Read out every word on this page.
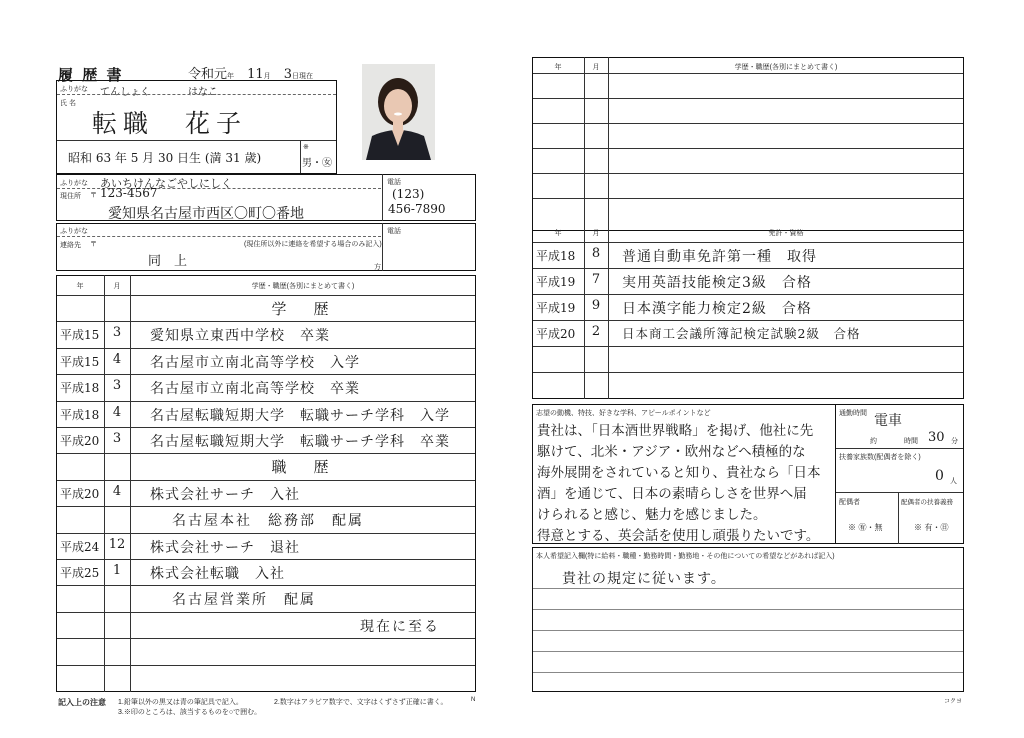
履 歴 書	令和元年 11月 3日現在
ふりがな てんしょく	はなこ
氏 名
転職　花子
昭和 63 年 5 月 30 日生 (満 31 歳)
※
男・㊛
ふりがな あいちけんなごやしにしく
現住所 〒 123-4567
愛知県名古屋市西区〇町〇番地
電話
(123)
456-7890
ふりがな
連絡先 〒	(現住所以外に連絡を希望する場合のみ記入)
同　上	方
電話
年	月	学歴・職歴(各別にまとめて書く)
学　歴
平成15	3	愛知県立東西中学校　卒業
平成15	4	名古屋市立南北高等学校　入学
平成18	3	名古屋市立南北高等学校　卒業
平成18	4	名古屋転職短期大学　転職サーチ学科　入学
平成20	3	名古屋転職短期大学　転職サーチ学科　卒業
職　歴
平成20	4	株式会社サーチ　入社
名古屋本社　総務部　配属
平成24 12	株式会社サーチ　退社
平成25	1	株式会社転職　入社
名古屋営業所　配属
現在に至る
記入上の注意 1.鉛筆以外の黒又は青の筆記具で記入。	2.数字はアラビア数字で、文字はくずさず正確に書く。
3.※印のところは、該当するものを○で囲む。
N
年	月	学歴・職歴(各別にまとめて書く)
年	月	免許・資格
平成18	8	普通自動車免許第一種　取得
平成19	7	実用英語技能検定3級　合格
平成19	9	日本漢字能力検定2級　合格
平成20	2	日本商工会議所簿記検定試験2級　合格
志望の動機、特技、好きな学科、アピールポイントなど
貴社は、「日本酒世界戦略」を掲げ、他社に先
駆けて、北米・アジア・欧州などへ積極的な
海外展開をされていると知り、貴社なら「日本
酒」を通じて、日本の素晴らしさを世界へ届
けられると感じ、魅力を感じました。
得意とする、英会話を使用し頑張りたいです。
通勤時間 電車
約	時間 30 分
扶養家族数(配偶者を除く)
0 人
配偶者
※ ㊒・無
配偶者の扶養義務
※ 有・㊐
本人希望記入欄(特に給料・職種・勤務時間・勤務地・その他についての希望などがあれば記入)
貴社の規定に従います。
コクヨ
